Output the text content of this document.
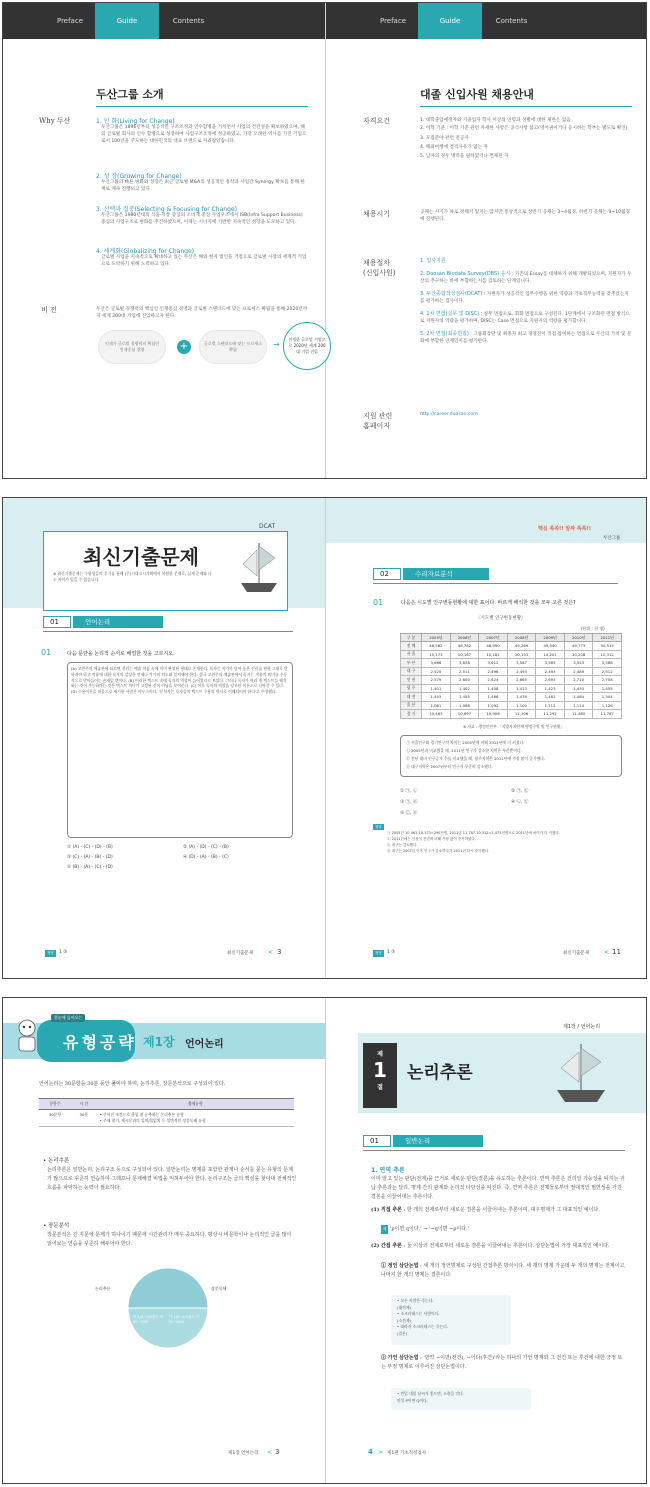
Preface	Guide	Contents	Preface	Guide	Contents
두산그룹 소개	대졸 신입사원 채용안내
Why 두산	1. 인 화(Living for Change)
두산그룹은 1896년부터 성공적인 구조조정과 인수합병을 거치면서 사업의 건전성을 확보하였으며, 해외 글로벌 회사의 인수 합병으로 성장하여 사업구조조정에 성공하였고, 가장 오래된 역사를 가진 기업으로서 100년을 주도하는 대한민국의 대표 브랜드로 자리잡았습니다.
2. 성 장(Growing for Change)
두산그룹의 빠른 변화와 성장은 최근 글로벌 M&A의 성공적인 정착과 사업간 Synergy 확보를 통해 한계로 계속 진행되고 있다.
3. 선택과 집중(Selecting & Focusing for Change)
두산그룹은 1980년대의 식품·유통 중심의 소비재 중심 사업구조에서 ISB(Infra Support Business) 중심의 사업구조로 변화를 추진하였으며, 이제는 시너지에 기반한 지속적인 성장을 도모하고 있다.
4. 세계화(Globalizing for Change)
글로벌 사업을 지속적으로 확대하고 있는 두산은 해외 현지 법인을 거점으로 글로벌 시장의 세계적 기업으로 도약하기 위해 노력하고 있다.
비 전	두산은 글로벌 경쟁력의 핵심인 인재중심 경영과 글로벌 스탠더드에 맞는 프로세스 확립을 통해 2020년까지 세계 200대 기업에 진입하고자 한다.
인재가 글로벌 경쟁력의 핵심인 인재중심 경영	+	글로벌 스탠더드에 맞는 프로세스 확립
→
진정한 글로벌 기업으로 2020년 세계 200대 기업 진입
자격요건	1. 대학졸업예정자와 기졸업자 학사 이상의 연령과 성별에 대한 제한은 없음
2. 어학 기준 : 어학 기준 관련 자세한 사항은 공식사항 참고(영어권이거나 응시하는 학부는 별도로 확인)
3. 모집분야 관련 전공자
4. 해외여행에 결격사유가 없는 자
5. 남자의 경우 병역을 필하였거나 면제된 자
채용시기	공채는 시기가 따로 정해져 있지는 않지만 통상적으로 상반기 공채는 3~4월경, 하반기 공채는 9~10월경에 진행된다.
채용절차
(신입사원)
1. 입사지원
2. Doosan Biodata Survey(DBS) 응시 : 기존의 Essay를 대체하기 위해 개발되었으며, 지원자가 두산의 추구하는 바에 부합하는지를 검토하는 단계입니다.
3. 두산종합적성검사(DCAT) : 지원자가 성공적인 업무수행을 위한 역량과 기초직무능력을 갖추었는지를 평가하는 검사이다.
4. 1차 면접(실무 및 DISC) : 실무 면접으로, 회화 면접으로 구성된다. 1단계에서 구조화된 면접 방식으로 지원자의 역량을 평가하며, DISC는 Case 면접으로 지원자의 역량을 평가합니다.
5. 2차 면접(최종면접) : 그룹회장단 및 최종자 최고 경영진이 직접 참여하는 면접으로 두산의 가치 및 문화에 부합한 인재인지를 평가한다.
지원 관련
홈페이지
http://career.doosan.com
DCAT
최신기출문제
※ 최신기출문제는 수험생들의 후기를 통해 (주)시대고시기획에서 복원한 문제로, 실제 문제와 다소 차이가 있을 수 있습니다.
01	언어논리
01	다음 문단을 논리적 순서로 배열한 것을 고르시오.
(A) 고전주의 예술관에 따르면 진리는 예술 작품 속에 이미 완성된 형태로 존재한다. 독자는 작가가 담아 놓은 진리를 원형 그대로 받아내야 하고 작품에 대한 독자의 감상은 언제나 작가의 의도와 일치해야 한다. 결국 고전주의 예술관에서 독자는 작품의 의미를 수동적으로 받아들이는 존재일 뿐이다. (B) 이러한 텍스트 속에 독자의 역할이 들어있다고 보았다. 그러나 독자가 여러 개 텍스트들 해석하는 것이 가능하다는 것은 텍스트 의미가 고정된 것이 아님을 보여준다. (C) 이후 독자의 역할을 강조한 이론으로 나아갈 수 있다. (D) 수용이론을 처음으로 제기한 사람은 야우스이다. '문학사는 독자들의 텍스트 수용의 역사로 이해되어야 한다'고 주장했다.
① (A) - (C) - (D) - (B)	② (A) - (D) - (C) - (B)
③ (C) - (A) - (B) - (D)	④ (D) - (A) - (B) - (C)
⑤ (B) - (A) - (C) - (D)
정답	1 ②	최신기출문제 < 3
핵심 쏙쏙!! 알짜 쏙쏙!!
두산그룹
02	수리자료분석
01	다음은 시도별 인구변동현황에 대한 표이다. 바르게 해석한 것을 모두 고른 것은?
〈시도별 인구변동현황〉
(단위 : 천 명)
구 분	2005년	2006년	2007년	2008년	2009년	2010년	2011년
전 체	48,582	48,782	48,990	49,269	49,540	49,773	50,515
서 울	10,173	10,167	10,181	10,193	10,201	10,208	10,312
부 산	3,666	3,638	3,612	3,587	3,565	3,543	3,568
대 구	2,525	2,511	2,496	2,493	2,493	2,489	2,512
인 천	2,579	2,600	2,624	2,665	2,693	2,710	2,758
광 주	1,401	1,402	1,408	1,413	1,423	1,433	1,455
대 전	1,443	1,455	1,466	1,476	1,481	1,484	1,504
울 산	1,081	1,088	1,092	1,100	1,112	1,114	1,126
경 기	10,463	10,697	10,906	11,106	11,292	11,460	11,787
※ 자료 : 행정안전부 「지방자치단체 행정구역 및 인구현황」
㉠ 서울인구와 경기인구의 차이는 2005년에 비해 2011년에 더 커졌다.
㉡ 2005년과 비교했을 때, 2011년 인구가 감소한 지역은 부산뿐이다.
㉢ 전년 대비 인구증가 수를 비교했을 때, 광주지역은 2011년에 가장 많이 증가했다.
㉣ 대구지역은 2007년부터 인구가 꾸준히 감소했다.
① ㉠, ㉡	② ㉠, ㉢
③ ㉠, ㉣	④ ㉡, ㉢
⑤ ㉢, ㉣
정답
㉠ 2005년 10,463-10,173=290천명, 2011년 11,787-10,312=1,475천명으로 2011년에 차이가 더 커졌다.
㉡ 2011년에는 인천이 전년에 비해 가장 많이 증가하였다.
㉢ 대구는 감소했다.
㉣ 대구는 2007년 이후 인구가 감소하다가 2011년 다시 증가했다.
정답	1 ③	최신기출문제 < 11
한눈에 들어오는
유형공략 제1장 언어논리
언어논리는 30문항을 30분 동안 풀어야 하며, 논리추론, 장문분석으로 구성되어 있다.
문항수	시 간	출제유형
30문항	30분	• 주어진 조건으로 항상 참 유추하는 논리추론 유형
• 주제 찾기, 제시문과의 일치/불일치 등 일반적인 장문독해 유형
• 논리추론
논리추론은 일반논리, 논리구조 등으로 구성되어 있다. 일반논리는 명제를 포함한 관계나 순서를 묻는 유형의 문제가 많으므로 꾸준히 연습하여 그래프나 문제해결 비법을 익혀두어야 한다. 논리구조는 글의 핵심을 찾아내 전체적인 흐름을 파악하는 능력이 필요하다.
• 장문분석
장문분석은 긴 지문에 문제가 하나이기 때문에 시간관리가 매우 중요하다. 평상시 비문학이나 논리적인 글을 많이 읽어보는 연습을 꾸준히 해두어야 한다.
논리추론	장문독해
약 1/2~1/3정도 약 40~50%
약 1/2~1/3정도 약 50~60%
제1장 언어논리 < 3
제1장 / 언어논리
제
1
절
논리추론
01	일반논리
1. 연역 추론
이미 알고 있는 판단(전제)을 근거로 새로운 판단(결론)을 유도하는 추론이다. 연역 추론은 진리일 가능성을 따지는 귀납 추론과는 달리, 명제 간의 관계와 논리적 타당성을 따진다. 즉, 연역 추론은 전제들로부터 절대적인 필연성을 가진 결론을 이끌어내는 추론이다.
(1) 직접 추론 : 한 개의 전제로부터 새로운 결론을 이끌어내는 추론이며, 대우명제가 그 대표적인 예이다.
예 'p이면 q이다.' → '~q이면 ~p이다.'
(2) 간접 추론 : 둘 이상의 전제로부터 새로운 결론을 이끌어내는 추론이다. 삼단논법이 가장 대표적인 예이다.
① 정언 삼단논법 : 세 개의 정언명제로 구성된 간접추론 방식이다. 세 개의 명제 가운데 두 개의 명제는 전제이고, 나머지 한 개의 명제는 결론이다.
• 모든 사람은 죽는다.
(대전제)
• 소크라테스는 사람이다.
(소전제)
• 따라서 소크라테스는 죽는다.
(결론)
② 가언 삼단논법 : '만약 ~이면(전건), ~이다(후건)'라는 하나의 가언 명제와 그 전건 또는 후건에 대한 긍정 또는 부정 명제로 이루어진 삼단논법이다.
• 만일 내일 날씨가 좋으면, 소풍을 간다.
만일 P이면 Q이다.
4 > 제1편 기초적성검사
